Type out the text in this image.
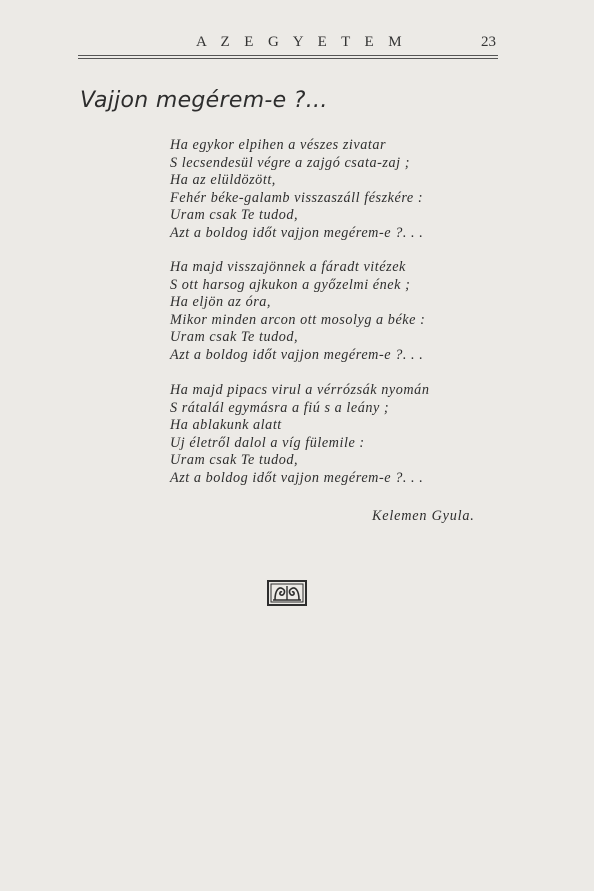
A Z E G Y E T E M	23
Vajjon megérem-e ?...
Ha egykor elpihen a vészes zivatar
S lecsendesül végre a zajgó csata-zaj ;
Ha az elüldözött,
Fehér béke-galamb visszaszáll fészkére :
Uram csak Te tudod,
Azt a boldog időt vajjon megérem-e ?. . .
Ha majd visszajönnek a fáradt vitézek
S ott harsog ajkukon a győzelmi ének ;
Ha eljön az óra,
Mikor minden arcon ott mosolyg a béke :
Uram csak Te tudod,
Azt a boldog időt vajjon megérem-e ?. . .
Ha majd pipacs virul a vérrózsák nyomán
S rátalál egymásra a fiú s a leány ;
Ha ablakunk alatt
Uj életről dalol a víg fülemile :
Uram csak Te tudod,
Azt a boldog időt vajjon megérem-e ?. . .
Kelemen Gyula.
